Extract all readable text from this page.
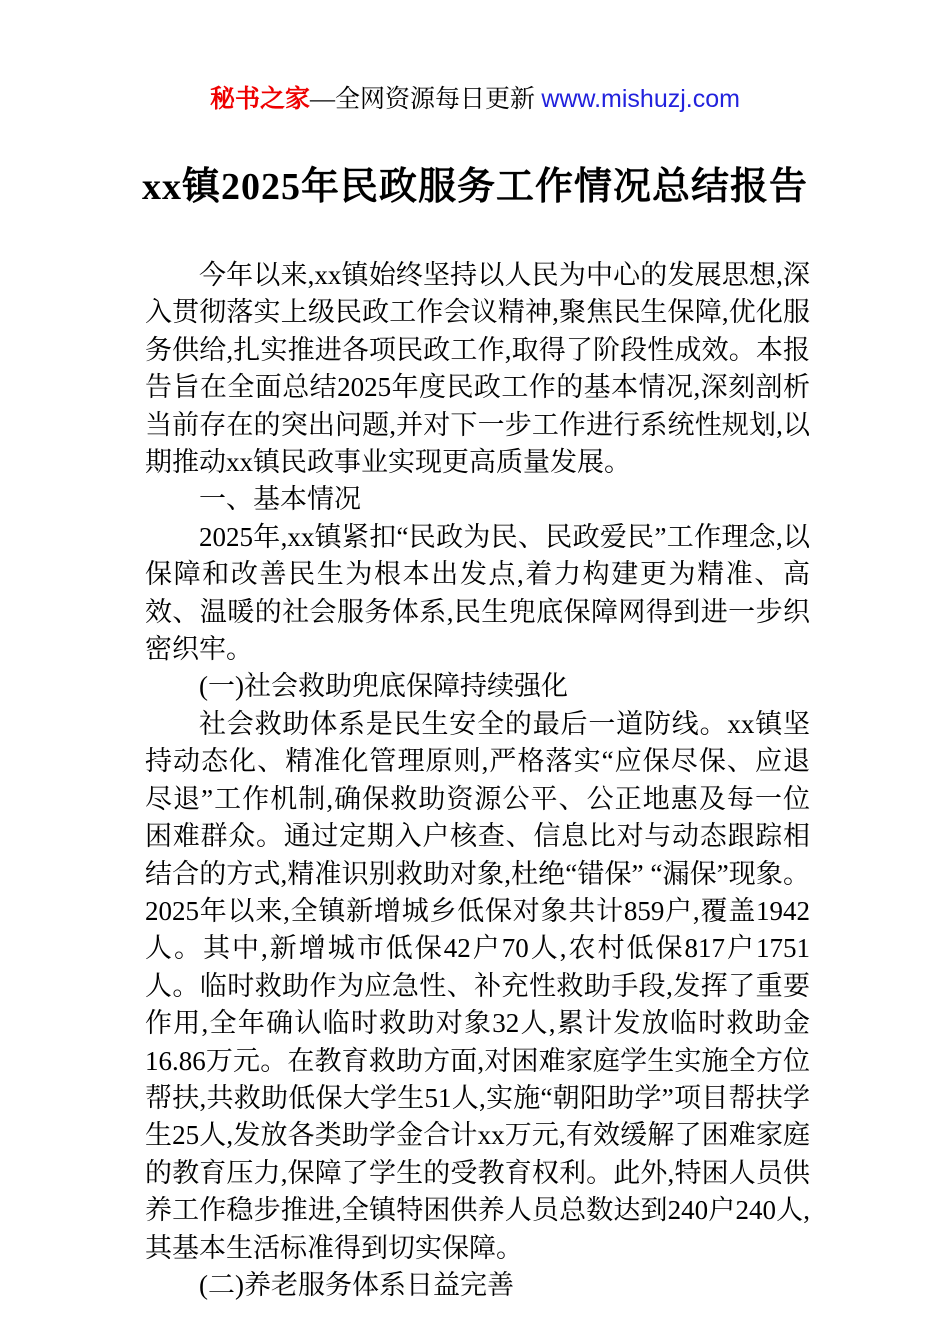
秘书之家—全网资源每日更新 www.mishuzj.com
xx镇2025年民政服务工作情况总结报告

今年以来,xx镇始终坚持以人民为中心的发展思想,深入贯彻落实上级民政工作会议精神,聚焦民生保障,优化服务供给,扎实推进各项民政工作,取得了阶段性成效。本报告旨在全面总结2025年度民政工作的基本情况,深刻剖析当前存在的突出问题,并对下一步工作进行系统性规划,以期推动xx镇民政事业实现更高质量发展。

一、基本情况

2025年,xx镇紧扣“民政为民、民政爱民”工作理念,以保障和改善民生为根本出发点,着力构建更为精准、高效、温暖的社会服务体系,民生兜底保障网得到进一步织密织牢。

(一)社会救助兜底保障持续强化

社会救助体系是民生安全的最后一道防线。xx镇坚持动态化、精准化管理原则,严格落实“应保尽保、应退尽退”工作机制,确保救助资源公平、公正地惠及每一位困难群众。通过定期入户核查、信息比对与动态跟踪相结合的方式,精准识别救助对象,杜绝“错保” “漏保”现象。2025年以来,全镇新增城乡低保对象共计859户,覆盖1942人。其中,新增城市低保42户70人,农村低保817户1751人。临时救助作为应急性、补充性救助手段,发挥了重要作用,全年确认临时救助对象32人,累计发放临时救助金16.86万元。在教育救助方面,对困难家庭学生实施全方位帮扶,共救助低保大学生51人,实施“朝阳助学”项目帮扶学生25人,发放各类助学金合计xx万元,有效缓解了困难家庭的教育压力,保障了学生的受教育权利。此外,特困人员供养工作稳步推进,全镇特困供养人员总数达到240户240人,其基本生活标准得到切实保障。

(二)养老服务体系日益完善
